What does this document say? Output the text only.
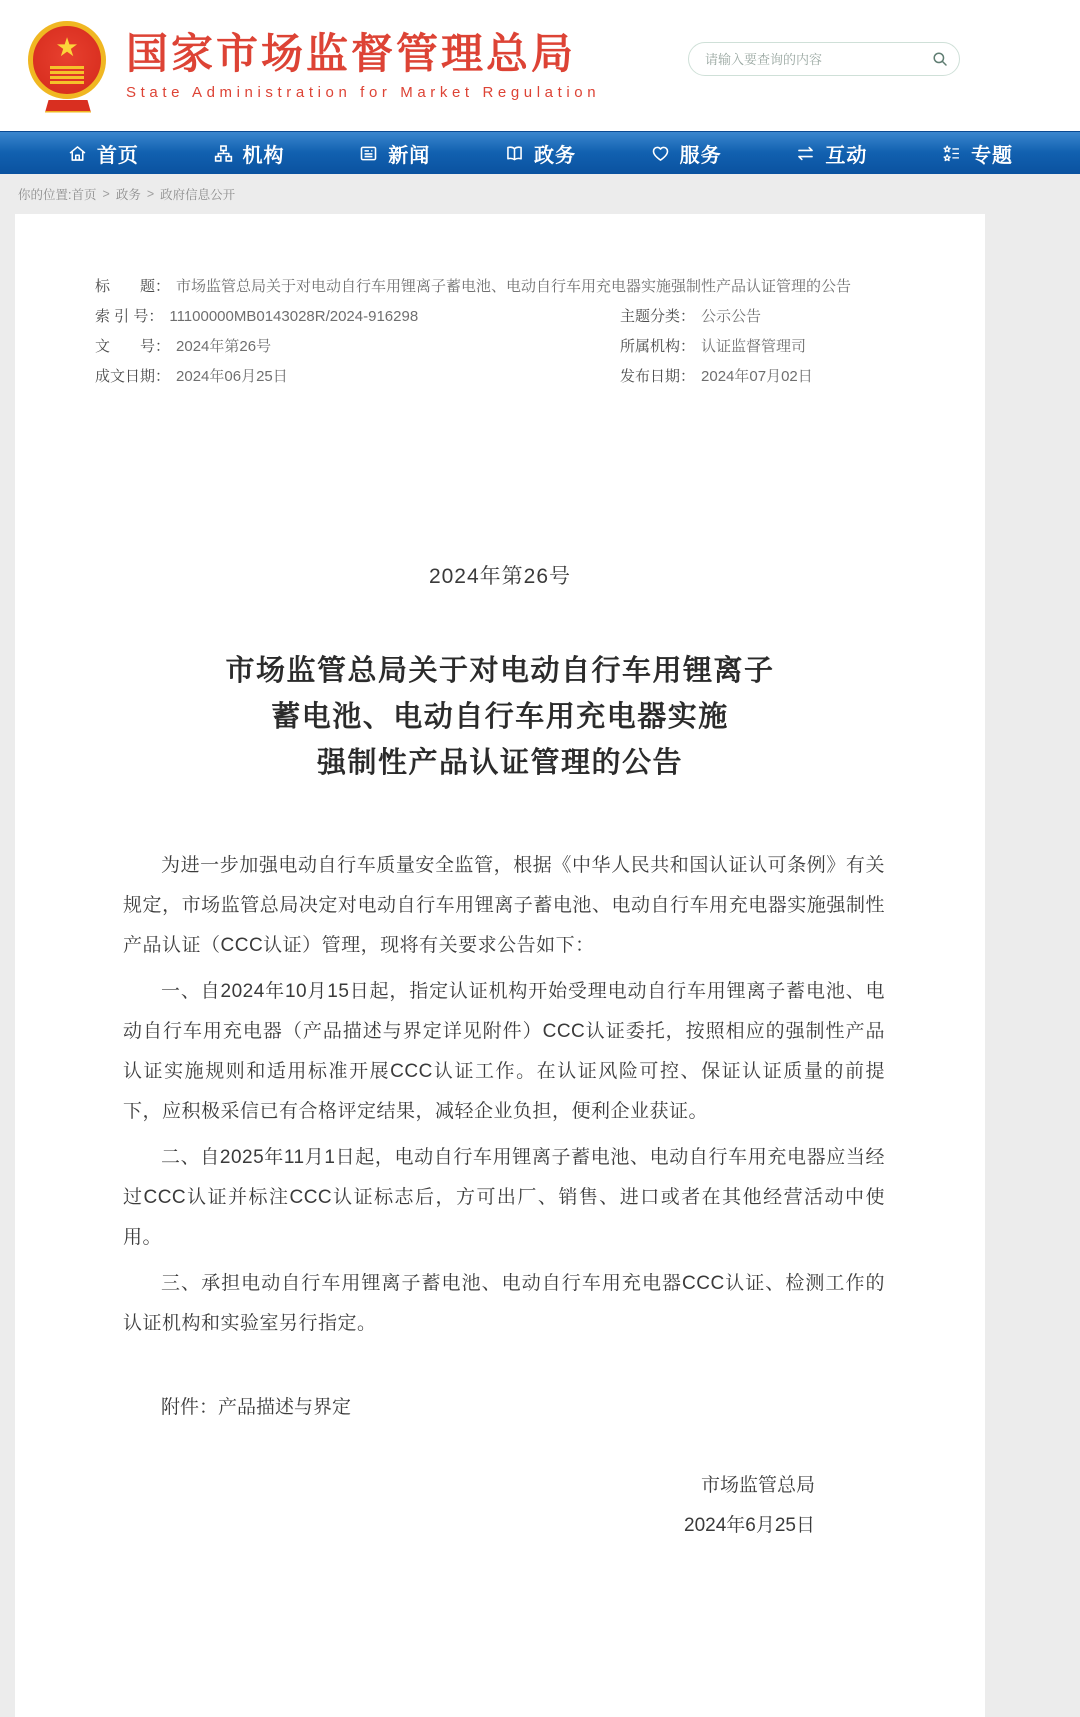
★	国家市场监督管理总局
State Administration for Market Regulation
请输入要查询的内容
首页	机构	新闻	政务	服务	互动	专题
你的位置: 首页 > 政务 > 政府信息公开
标　　题： 市场监管总局关于对电动自行车用锂离子蓄电池、电动自行车用充电器实施强制性产品认证管理的公告
索 引 号： 11100000MB0143028R/2024-916298	主题分类： 公示公告
文　　号： 2024年第26号	所属机构： 认证监督管理司
成文日期： 2024年06月25日	发布日期： 2024年07月02日
2024年第26号
市场监管总局关于对电动自行车用锂离子
蓄电池、电动自行车用充电器实施
强制性产品认证管理的公告

为进一步加强电动自行车质量安全监管，根据《中华人民共和国认证认可条例》有关规定，市场监管总局决定对电动自行车用锂离子蓄电池、电动自行车用充电器实施强制性产品认证（CCC认证）管理，现将有关要求公告如下：

一、自2024年10月15日起，指定认证机构开始受理电动自行车用锂离子蓄电池、电动自行车用充电器（产品描述与界定详见附件）CCC认证委托，按照相应的强制性产品认证实施规则和适用标准开展CCC认证工作。在认证风险可控、保证认证质量的前提下，应积极采信已有合格评定结果，减轻企业负担，便利企业获证。

二、自2025年11月1日起，电动自行车用锂离子蓄电池、电动自行车用充电器应当经过CCC认证并标注CCC认证标志后，方可出厂、销售、进口或者在其他经营活动中使用。

三、承担电动自行车用锂离子蓄电池、电动自行车用充电器CCC认证、检测工作的认证机构和实验室另行指定。

附件：产品描述与界定
市场监管总局
2024年6月25日
